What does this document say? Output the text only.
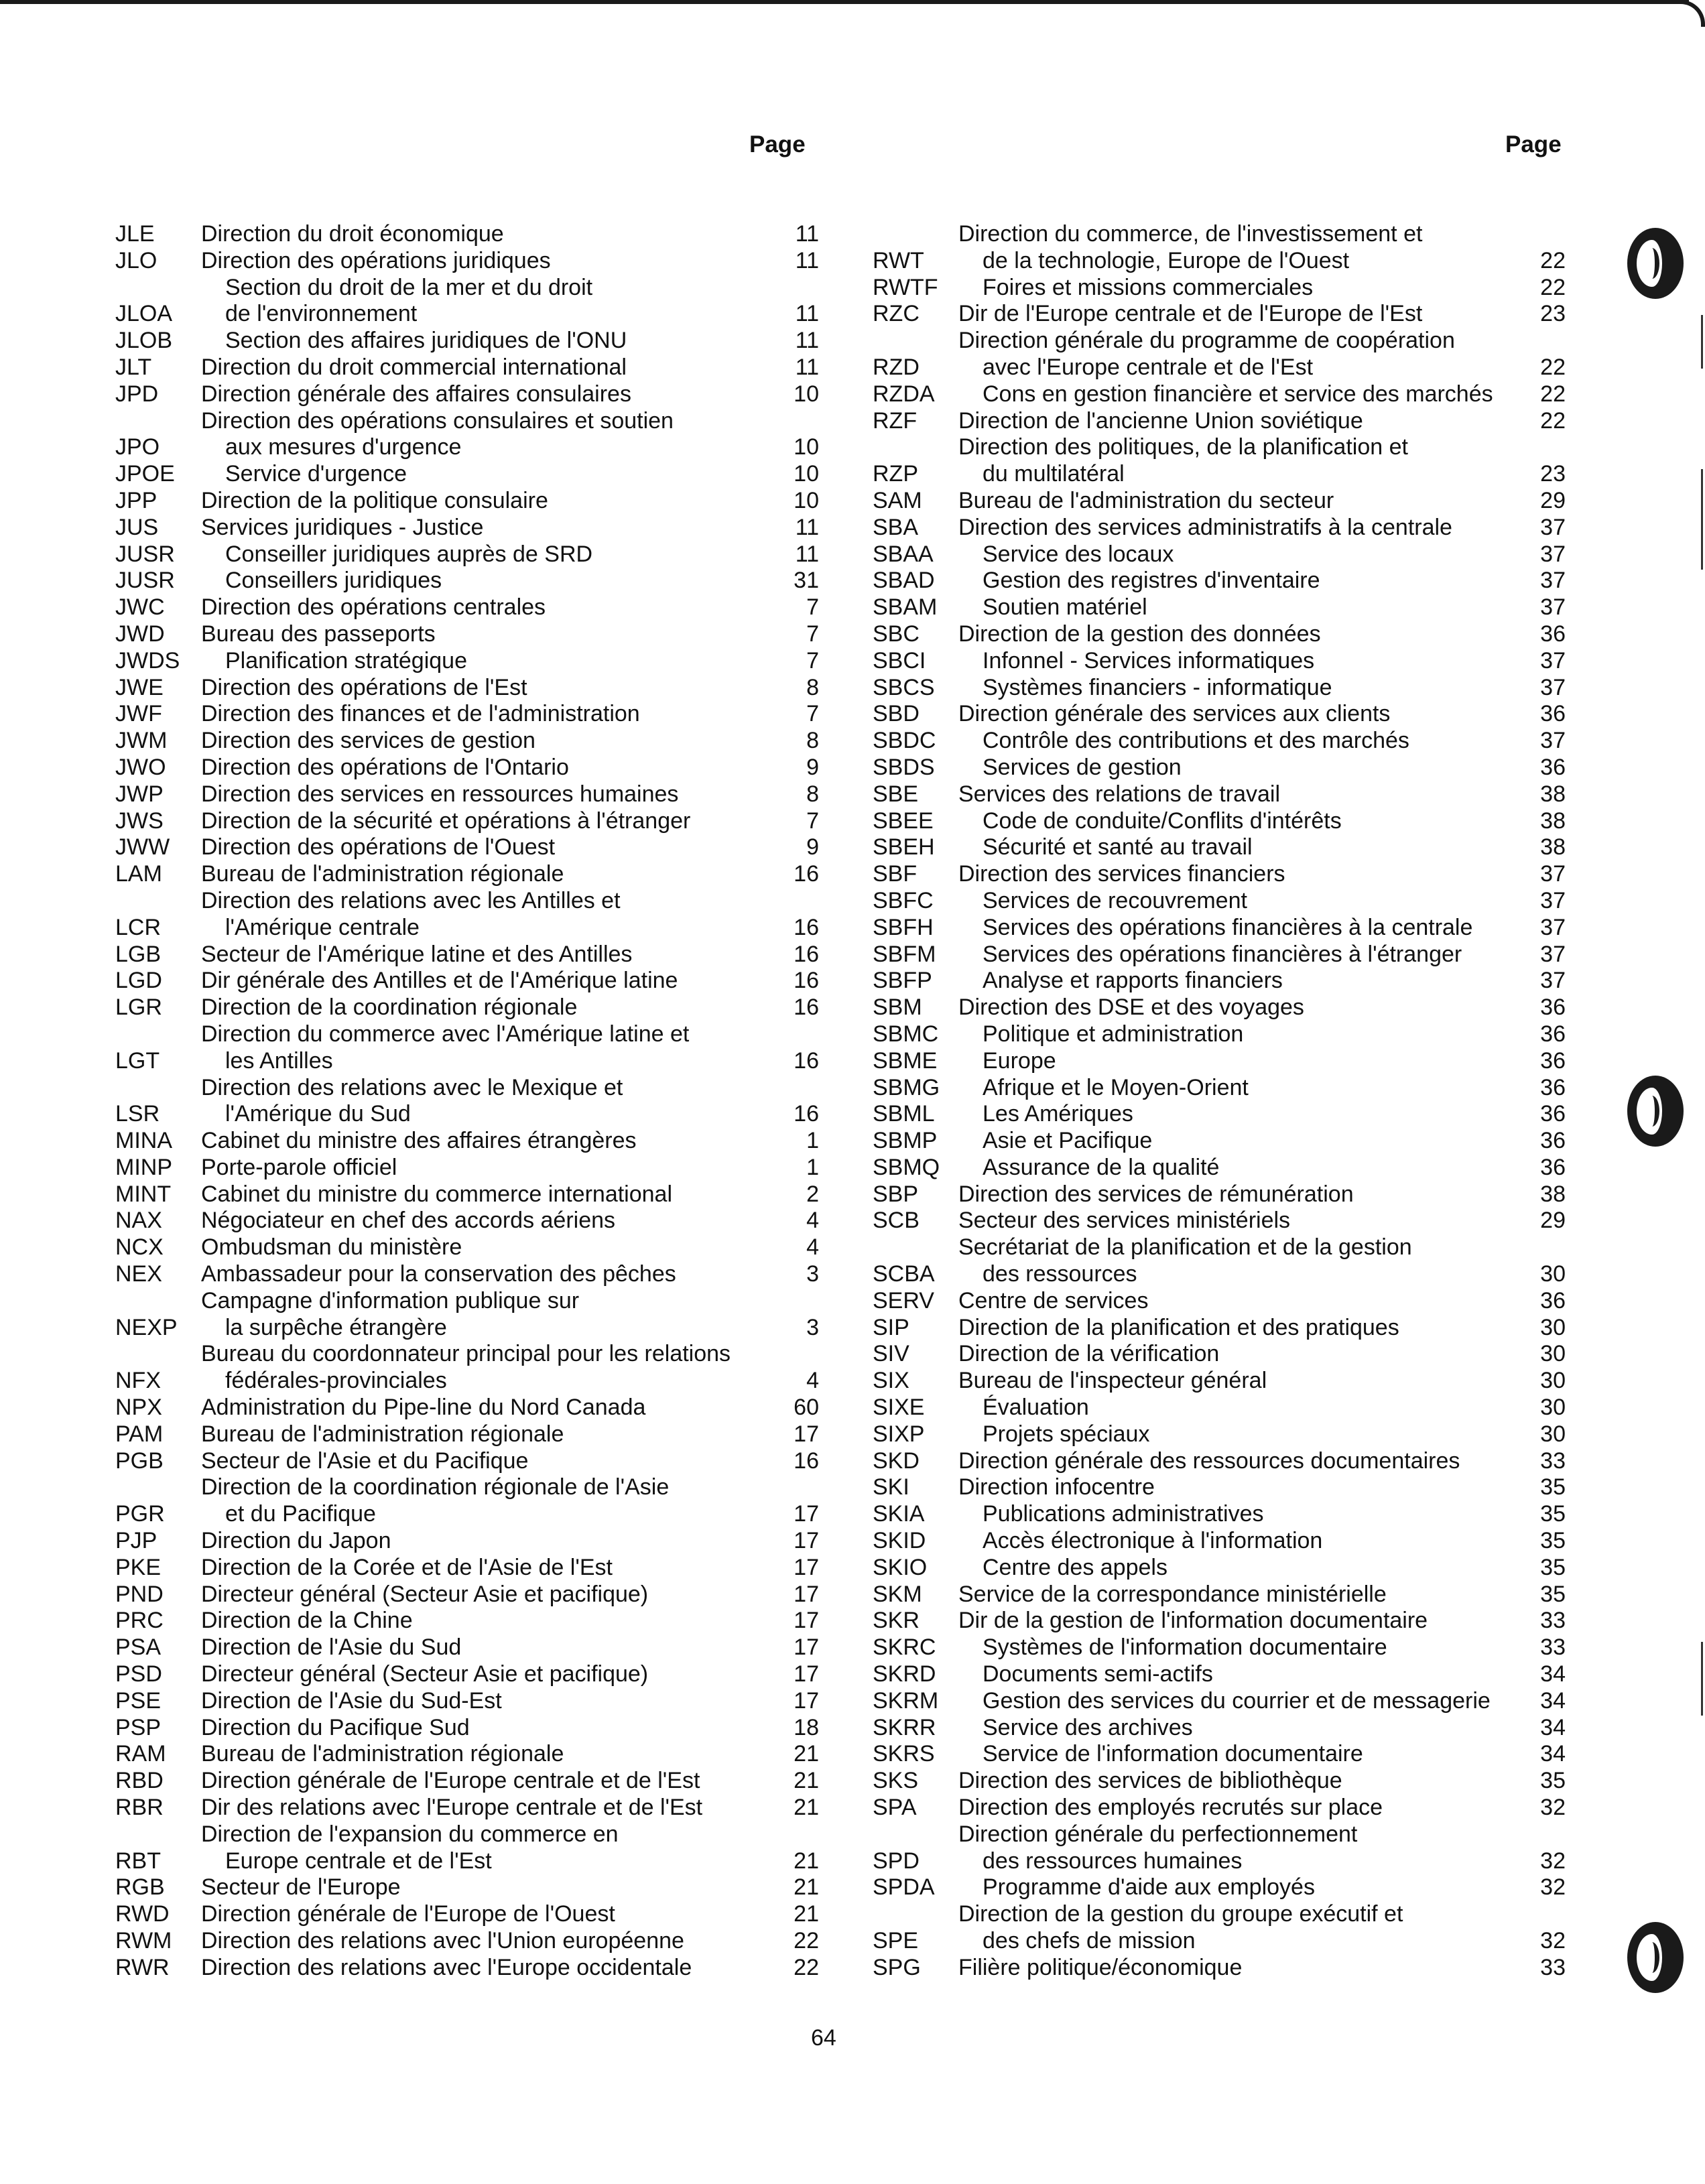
Page	Page
JLE	Direction du droit économique	11
JLO	Direction des opérations juridiques	11
JLOA
Section du droit de la mer et du droit
de l'environnement	11
JLOB	Section des affaires juridiques de l'ONU	11
JLT	Direction du droit commercial international	11
JPD	Direction générale des affaires consulaires	10
JPO
Direction des opérations consulaires et soutien
aux mesures d'urgence	10
JPOE	Service d'urgence	10
JPP	Direction de la politique consulaire	10
JUS	Services juridiques - Justice	11
JUSR	Conseiller juridiques auprès de SRD	11
JUSR	Conseillers juridiques	31
JWC	Direction des opérations centrales	7
JWD	Bureau des passeports	7
JWDS	Planification stratégique	7
JWE	Direction des opérations de l'Est	8
JWF	Direction des finances et de l'administration	7
JWM	Direction des services de gestion	8
JWO	Direction des opérations de l'Ontario	9
JWP	Direction des services en ressources humaines	8
JWS	Direction de la sécurité et opérations à l'étranger	7
JWW	Direction des opérations de l'Ouest	9
LAM	Bureau de l'administration régionale	16
LCR
Direction des relations avec les Antilles et
l'Amérique centrale	16
LGB	Secteur de l'Amérique latine et des Antilles	16
LGD	Dir générale des Antilles et de l'Amérique latine	16
LGR	Direction de la coordination régionale	16
LGT
Direction du commerce avec l'Amérique latine et
les Antilles	16
LSR
Direction des relations avec le Mexique et
l'Amérique du Sud	16
MINA	Cabinet du ministre des affaires étrangères	1
MINP	Porte-parole officiel	1
MINT	Cabinet du ministre du commerce international	2
NAX	Négociateur en chef des accords aériens	4
NCX	Ombudsman du ministère	4
NEX	Ambassadeur pour la conservation des pêches	3
NEXP
Campagne d'information publique sur
la surpêche étrangère	3
NFX
Bureau du coordonnateur principal pour les relations
fédérales-provinciales	4
NPX	Administration du Pipe-line du Nord Canada	60
PAM	Bureau de l'administration régionale	17
PGB	Secteur de l'Asie et du Pacifique	16
PGR
Direction de la coordination régionale de l'Asie
et du Pacifique	17
PJP	Direction du Japon	17
PKE	Direction de la Corée et de l'Asie de l'Est	17
PND	Directeur général (Secteur Asie et pacifique)	17
PRC	Direction de la Chine	17
PSA	Direction de l'Asie du Sud	17
PSD	Directeur général (Secteur Asie et pacifique)	17
PSE	Direction de l'Asie du Sud-Est	17
PSP	Direction du Pacifique Sud	18
RAM	Bureau de l'administration régionale	21
RBD	Direction générale de l'Europe centrale et de l'Est	21
RBR	Dir des relations avec l'Europe centrale et de l'Est	21
RBT
Direction de l'expansion du commerce en
Europe centrale et de l'Est	21
RGB	Secteur de l'Europe	21
RWD	Direction générale de l'Europe de l'Ouest	21
RWM	Direction des relations avec l'Union européenne	22
RWR	Direction des relations avec l'Europe occidentale	22
RWT
Direction du commerce, de l'investissement et
de la technologie, Europe de l'Ouest	22
RWTF	Foires et missions commerciales	22
RZC	Dir de l'Europe centrale et de l'Europe de l'Est	23
RZD
Direction générale du programme de coopération
avec l'Europe centrale et de l'Est	22
RZDA	Cons en gestion financière et service des marchés	22
RZF	Direction de l'ancienne Union soviétique	22
RZP
Direction des politiques, de la planification et
du multilatéral	23
SAM	Bureau de l'administration du secteur	29
SBA	Direction des services administratifs à la centrale	37
SBAA	Service des locaux	37
SBAD	Gestion des registres d'inventaire	37
SBAM	Soutien matériel	37
SBC	Direction de la gestion des données	36
SBCI	Infonnel - Services informatiques	37
SBCS	Systèmes financiers - informatique	37
SBD	Direction générale des services aux clients	36
SBDC	Contrôle des contributions et des marchés	37
SBDS	Services de gestion	36
SBE	Services des relations de travail	38
SBEE	Code de conduite/Conflits d'intérêts	38
SBEH	Sécurité et santé au travail	38
SBF	Direction des services financiers	37
SBFC	Services de recouvrement	37
SBFH	Services des opérations financières à la centrale	37
SBFM	Services des opérations financières à l'étranger	37
SBFP	Analyse et rapports financiers	37
SBM	Direction des DSE et des voyages	36
SBMC	Politique et administration	36
SBME	Europe	36
SBMG	Afrique et le Moyen-Orient	36
SBML	Les Amériques	36
SBMP	Asie et Pacifique	36
SBMQ	Assurance de la qualité	36
SBP	Direction des services de rémunération	38
SCB	Secteur des services ministériels	29
SCBA
Secrétariat de la planification et de la gestion
des ressources	30
SERV	Centre de services	36
SIP	Direction de la planification et des pratiques	30
SIV	Direction de la vérification	30
SIX	Bureau de l'inspecteur général	30
SIXE	Évaluation	30
SIXP	Projets spéciaux	30
SKD	Direction générale des ressources documentaires	33
SKI	Direction infocentre	35
SKIA	Publications administratives	35
SKID	Accès électronique à l'information	35
SKIO	Centre des appels	35
SKM	Service de la correspondance ministérielle	35
SKR	Dir de la gestion de l'information documentaire	33
SKRC	Systèmes de l'information documentaire	33
SKRD	Documents semi-actifs	34
SKRM	Gestion des services du courrier et de messagerie	34
SKRR	Service des archives	34
SKRS	Service de l'information documentaire	34
SKS	Direction des services de bibliothèque	35
SPA	Direction des employés recrutés sur place	32
SPD
Direction générale du perfectionnement
des ressources humaines	32
SPDA	Programme d'aide aux employés	32
SPE
Direction de la gestion du groupe exécutif et
des chefs de mission	32
SPG	Filière politique/économique	33
64
